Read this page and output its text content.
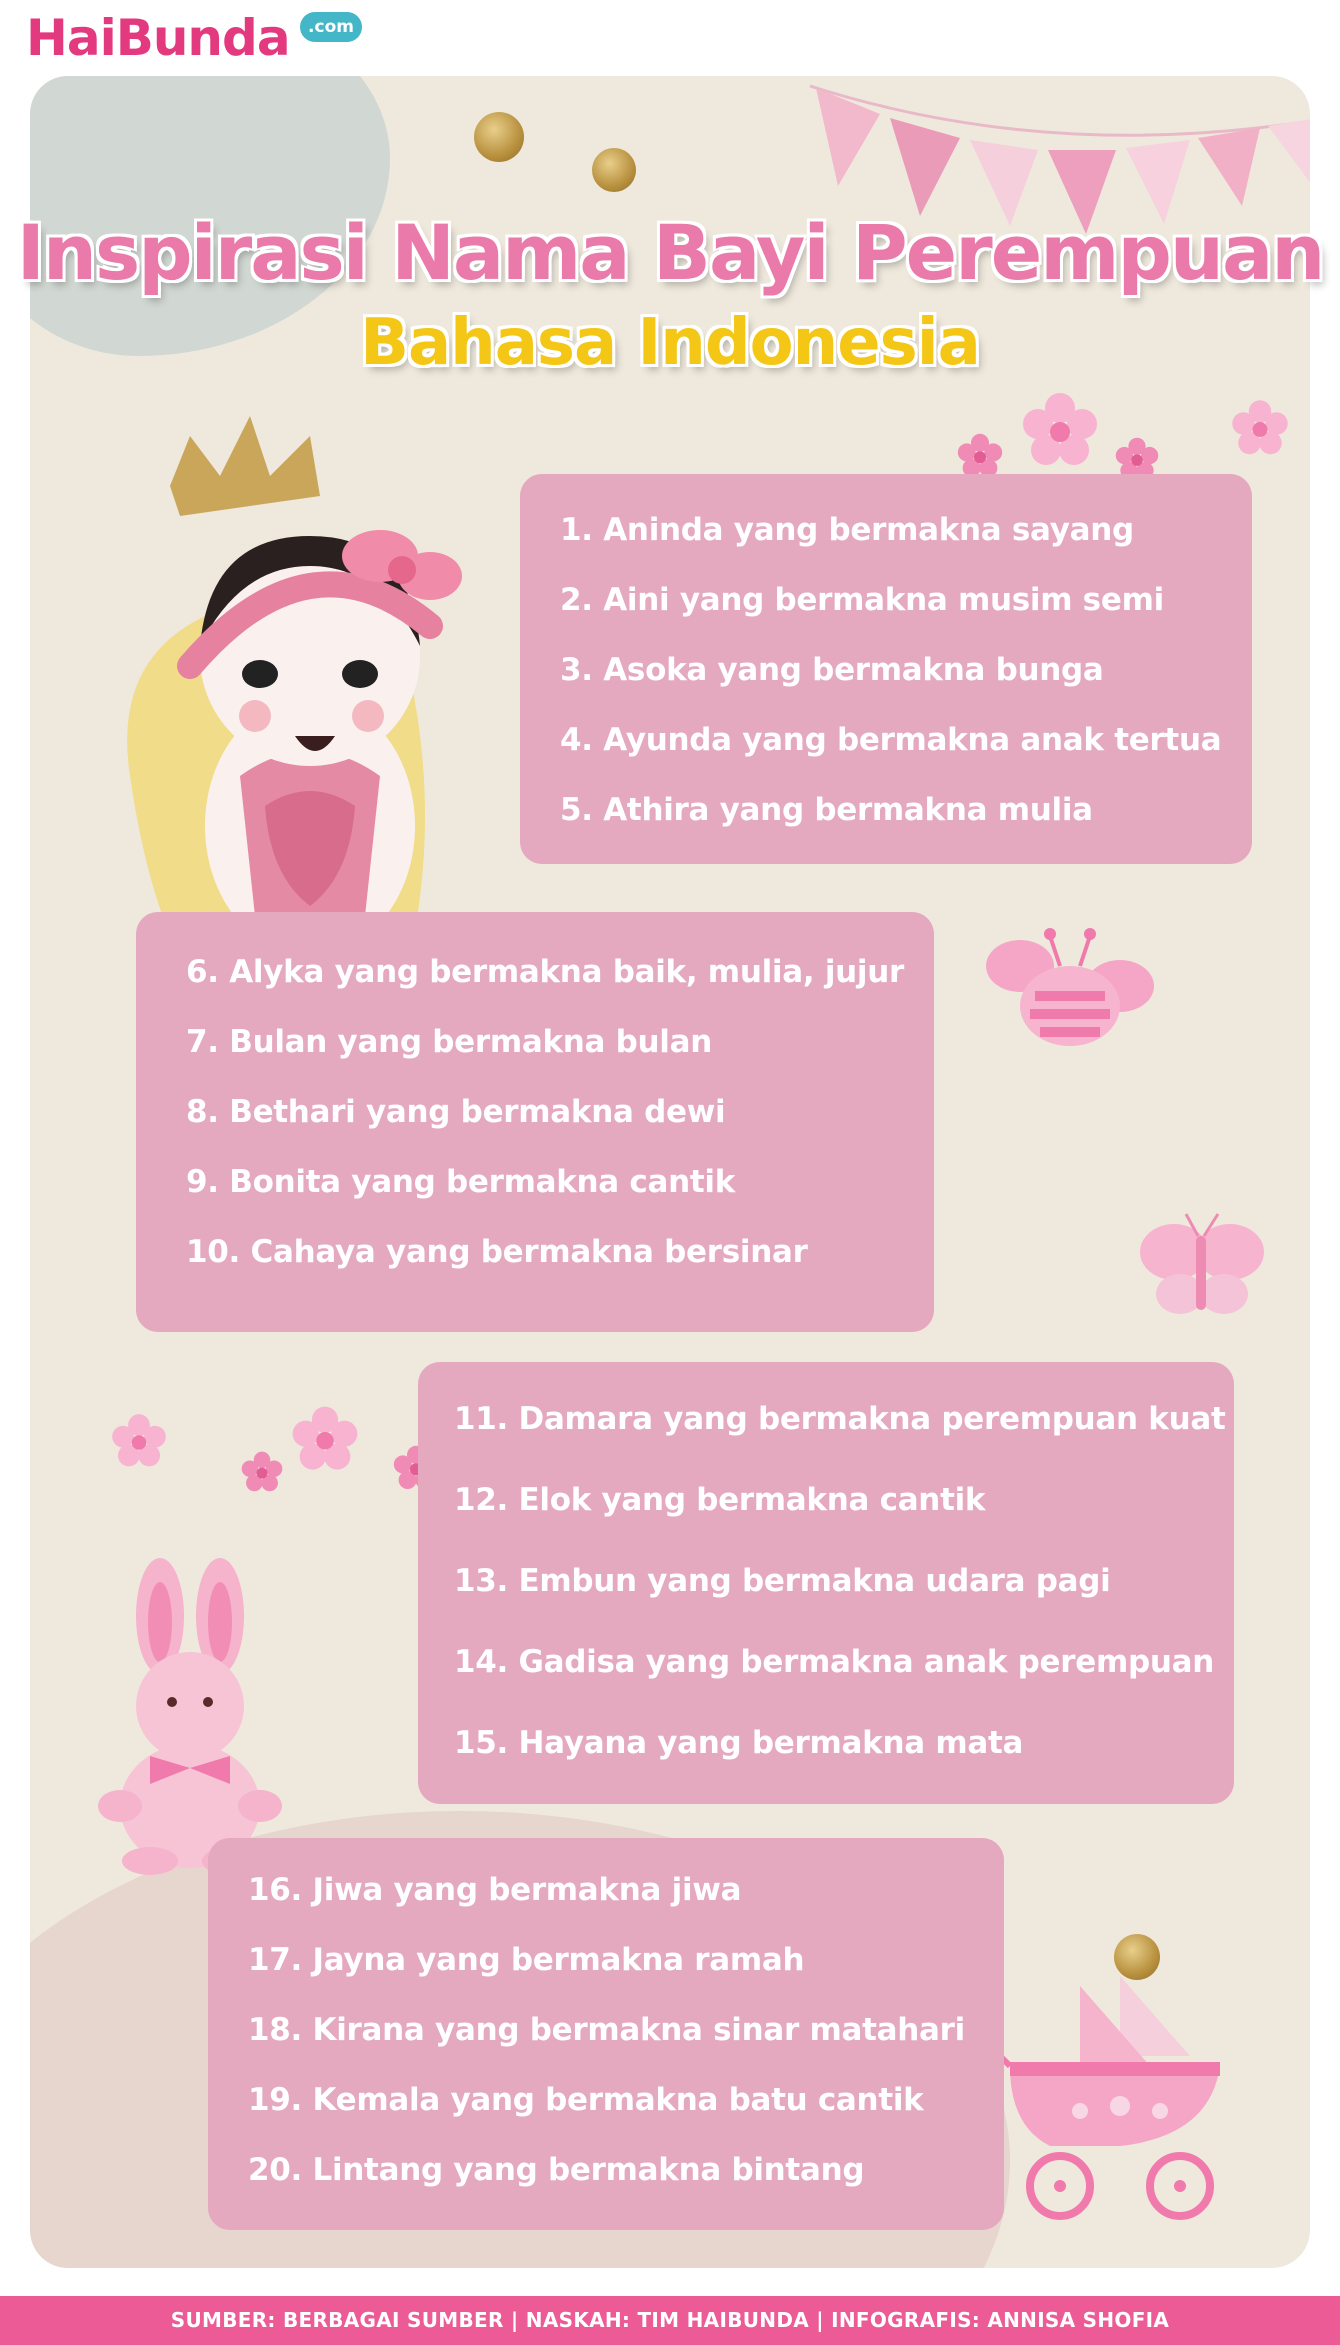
HaiBunda	.com
Inspirasi Nama Bayi Perempuan
Bahasa Indonesia
1. Aninda yang bermakna sayang
2. Aini yang bermakna musim semi
3. Asoka yang bermakna bunga
4. Ayunda yang bermakna anak tertua
5. Athira yang bermakna mulia
6. Alyka yang bermakna baik, mulia, jujur
7. Bulan yang bermakna bulan
8. Bethari yang bermakna dewi
9. Bonita yang bermakna cantik
10. Cahaya yang bermakna bersinar
11. Damara yang bermakna perempuan kuat
12. Elok yang bermakna cantik
13. Embun yang bermakna udara pagi
14. Gadisa yang bermakna anak perempuan
15. Hayana yang bermakna mata
16. Jiwa yang bermakna jiwa
17. Jayna yang bermakna ramah
18. Kirana yang bermakna sinar matahari
19. Kemala yang bermakna batu cantik
20. Lintang yang bermakna bintang
SUMBER: BERBAGAI SUMBER | NASKAH: TIM HAIBUNDA | INFOGRAFIS: ANNISA SHOFIA
